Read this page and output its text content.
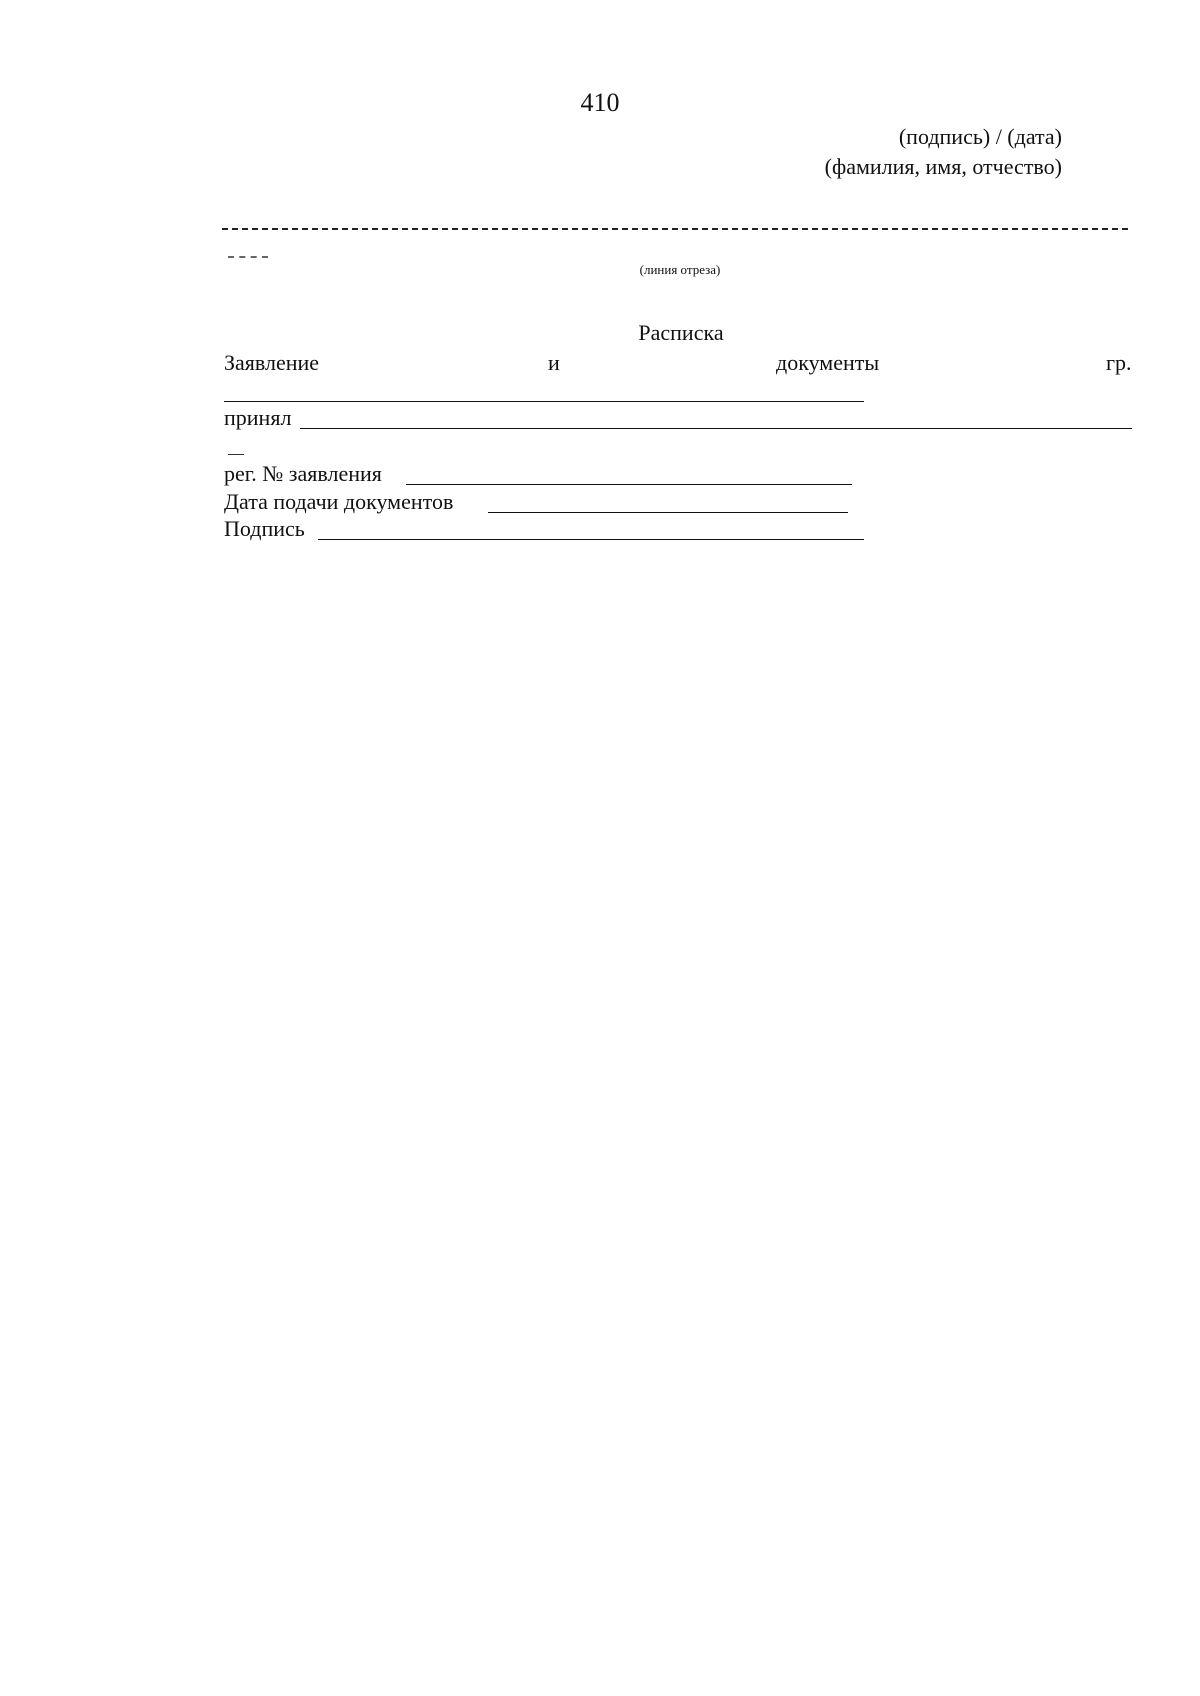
410
(подпись) / (дата)
(фамилия, имя, отчество)
(линия отреза)
Расписка
Заявление	и	документы	гр.
принял
рег. № заявления
Дата подачи документов
Подпись
